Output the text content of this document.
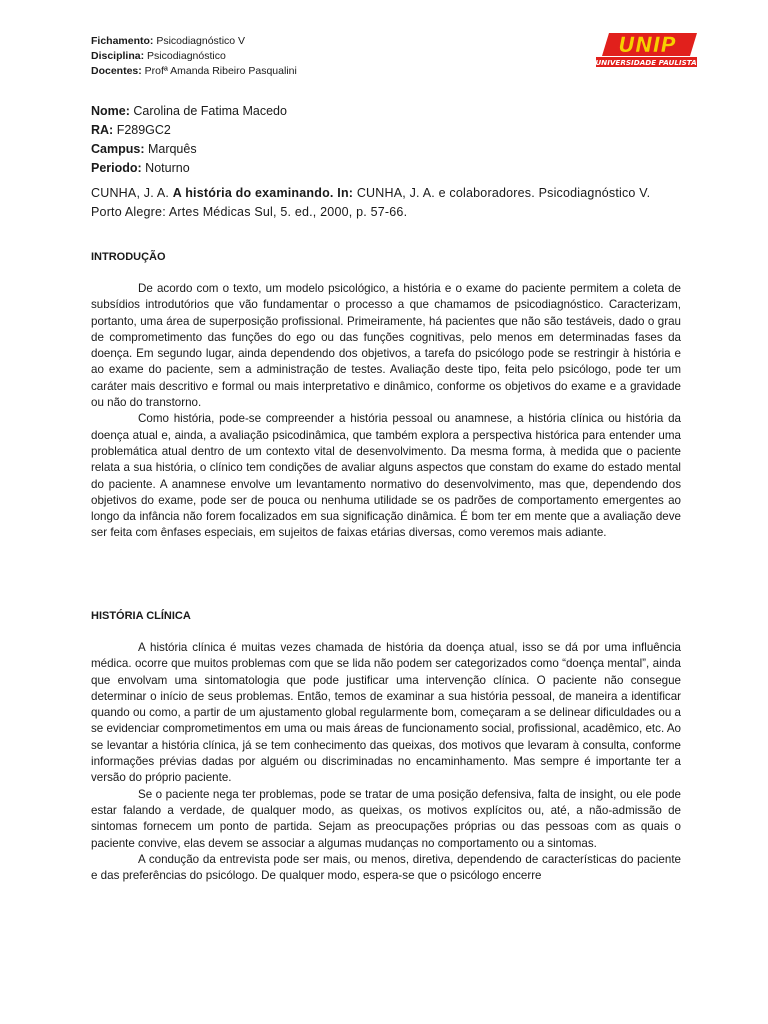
Fichamento: Psicodiagnóstico V
Disciplina: Psicodiagnóstico
Docentes: Profª Amanda Ribeiro Pasqualini
UNIP
UNIVERSIDADE PAULISTA
Nome: Carolina de Fatima Macedo
RA: F289GC2
Campus: Marquês
Periodo: Noturno
CUNHA, J. A. A história do examinando. In: CUNHA, J. A. e colaboradores. Psicodiagnóstico V. Porto Alegre: Artes Médicas Sul, 5. ed., 2000, p. 57-66.

INTRODUÇÃO

De acordo com o texto, um modelo psicológico, a história e o exame do paciente permitem a coleta de subsídios introdutórios que vão fundamentar o processo a que chamamos de psicodiagnóstico. Caracterizam, portanto, uma área de superposição profissional. Primeiramente, há pacientes que não são testáveis, dado o grau de comprometimento das funções do ego ou das funções cognitivas, pelo menos em determinadas fases da doença. Em segundo lugar, ainda dependendo dos objetivos, a tarefa do psicólogo pode se restringir à história e ao exame do paciente, sem a administração de testes. Avaliação deste tipo, feita pelo psicólogo, pode ter um caráter mais descritivo e formal ou mais interpretativo e dinâmico, conforme os objetivos do exame e a gravidade ou não do transtorno.

Como história, pode-se compreender a história pessoal ou anamnese, a história clínica ou história da doença atual e, ainda, a avaliação psicodinâmica, que também explora a perspectiva histórica para entender uma problemática atual dentro de um contexto vital de desenvolvimento. Da mesma forma, à medida que o paciente relata a sua história, o clínico tem condições de avaliar alguns aspectos que constam do exame do estado mental do paciente. A anamnese envolve um levantamento normativo do desenvolvimento, mas que, dependendo dos objetivos do exame, pode ser de pouca ou nenhuma utilidade se os padrões de comportamento emergentes ao longo da infância não forem focalizados em sua significação dinâmica. É bom ter em mente que a avaliação deve ser feita com ênfases especiais, em sujeitos de faixas etárias diversas, como veremos mais adiante.

HISTÓRIA CLÍNICA

A história clínica é muitas vezes chamada de história da doença atual, isso se dá por uma influência médica. ocorre que muitos problemas com que se lida não podem ser categorizados como “doença mental”, ainda que envolvam uma sintomatologia que pode justificar uma intervenção clínica. O paciente não consegue determinar o início de seus problemas. Então, temos de examinar a sua história pessoal, de maneira a identificar quando ou como, a partir de um ajustamento global regularmente bom, começaram a se delinear dificuldades ou a se evidenciar comprometimentos em uma ou mais áreas de funcionamento social, profissional, acadêmico, etc. Ao se levantar a história clínica, já se tem conhecimento das queixas, dos motivos que levaram à consulta, conforme informações prévias dadas por alguém ou discriminadas no encaminhamento. Mas sempre é importante ter a versão do próprio paciente.

Se o paciente nega ter problemas, pode se tratar de uma posição defensiva, falta de insight, ou ele pode estar falando a verdade, de qualquer modo, as queixas, os motivos explícitos ou, até, a não-admissão de sintomas fornecem um ponto de partida. Sejam as preocupações próprias ou das pessoas com as quais o paciente convive, elas devem se associar a algumas mudanças no comportamento ou a sintomas.

A condução da entrevista pode ser mais, ou menos, diretiva, dependendo de características do paciente e das preferências do psicólogo. De qualquer modo, espera-se que o psicólogo encerre
